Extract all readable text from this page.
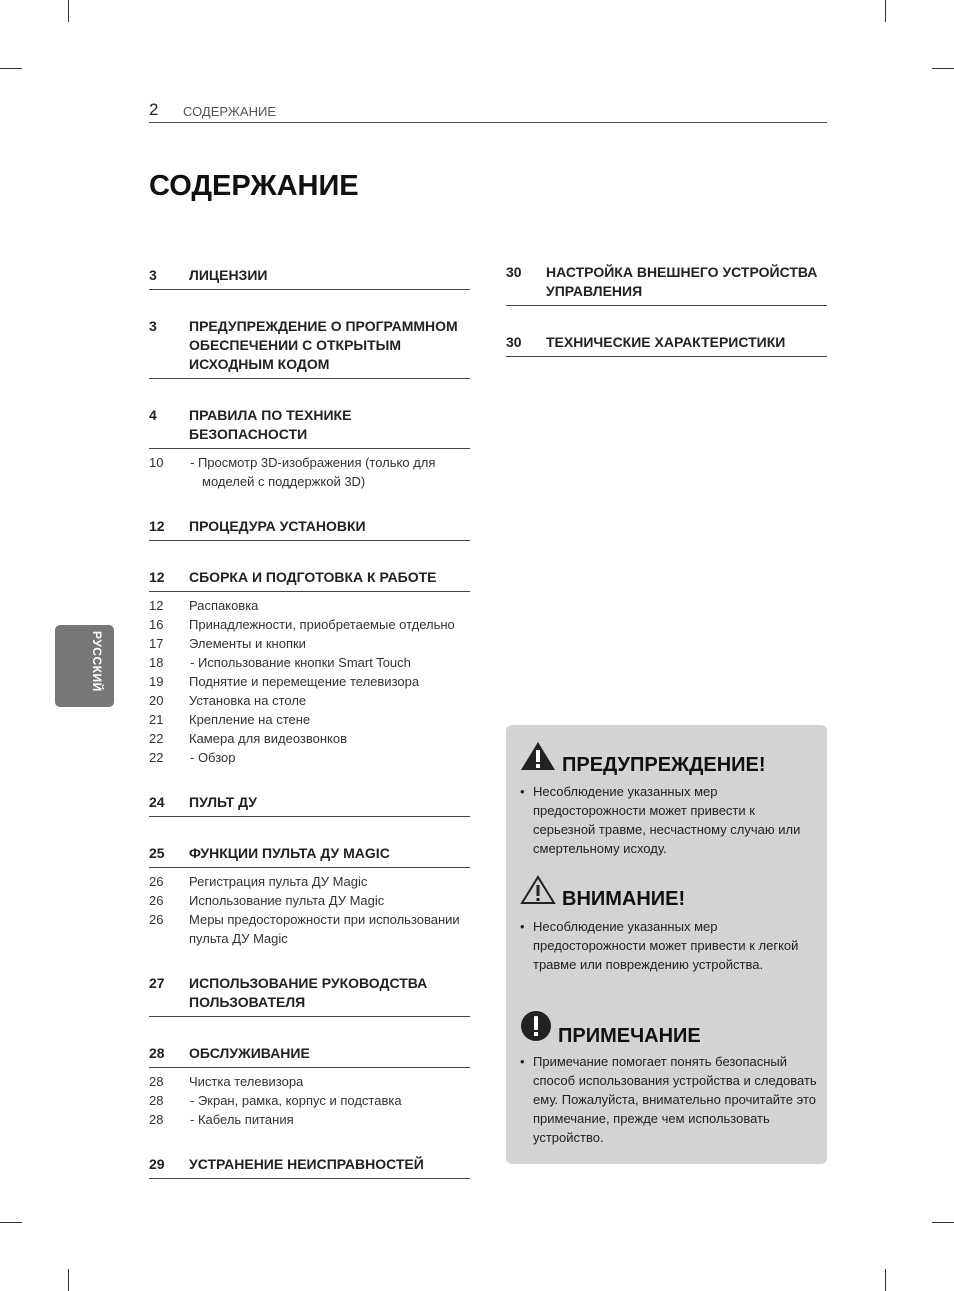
2 СОДЕРЖАНИЕ
СОДЕРЖАНИЕ
3	ЛИЦЕНЗИИ
3	ПРЕДУПРЕЖДЕНИЕ О ПРОГРАММНОМ ОБЕСПЕЧЕНИИ С ОТКРЫТЫМ ИСХОДНЫМ КОДОМ
4	ПРАВИЛА ПО ТЕХНИКЕ БЕЗОПАСНОСТИ
10	- Просмотр 3D-изображения (только для моделей с поддержкой 3D)
12	ПРОЦЕДУРА УСТАНОВКИ
12	СБОРКА И ПОДГОТОВКА К РАБОТЕ
12	Распаковка
16	Принадлежности, приобретаемые отдельно
17	Элементы и кнопки
18	- Использование кнопки Smart Touch
19	Поднятие и перемещение телевизора
20	Установка на столе
21	Крепление на стене
22	Камера для видеозвонков
22	- Обзор
24	ПУЛЬТ ДУ
25	ФУНКЦИИ ПУЛЬТА ДУ MAGIC
26	Регистрация пульта ДУ Magic
26	Использование пульта ДУ Magic
26	Меры предосторожности при использовании пульта ДУ Magic
27	ИСПОЛЬЗОВАНИЕ РУКОВОДСТВА ПОЛЬЗОВАТЕЛЯ
28	ОБСЛУЖИВАНИЕ
28	Чистка телевизора
28	- Экран, рамка, корпус и подставка
28	- Кабель питания
29	УСТРАНЕНИЕ НЕИСПРАВНОСТЕЙ
30	НАСТРОЙКА ВНЕШНЕГО УСТРОЙСТВА УПРАВЛЕНИЯ
30	ТЕХНИЧЕСКИЕ ХАРАКТЕРИСТИКИ
РУССКИЙ
ПРЕДУПРЕЖДЕНИЕ!
• Несоблюдение указанных мер предосторожности может привести к серьезной травме, несчастному случаю или смертельному исходу.
ВНИМАНИЕ!
• Несоблюдение указанных мер предосторожности может привести к легкой травме или повреждению устройства.
ПРИМЕЧАНИЕ
• Примечание помогает понять безопасный способ использования устройства и следовать ему. Пожалуйста, внимательно прочитайте это примечание, прежде чем использовать устройство.
